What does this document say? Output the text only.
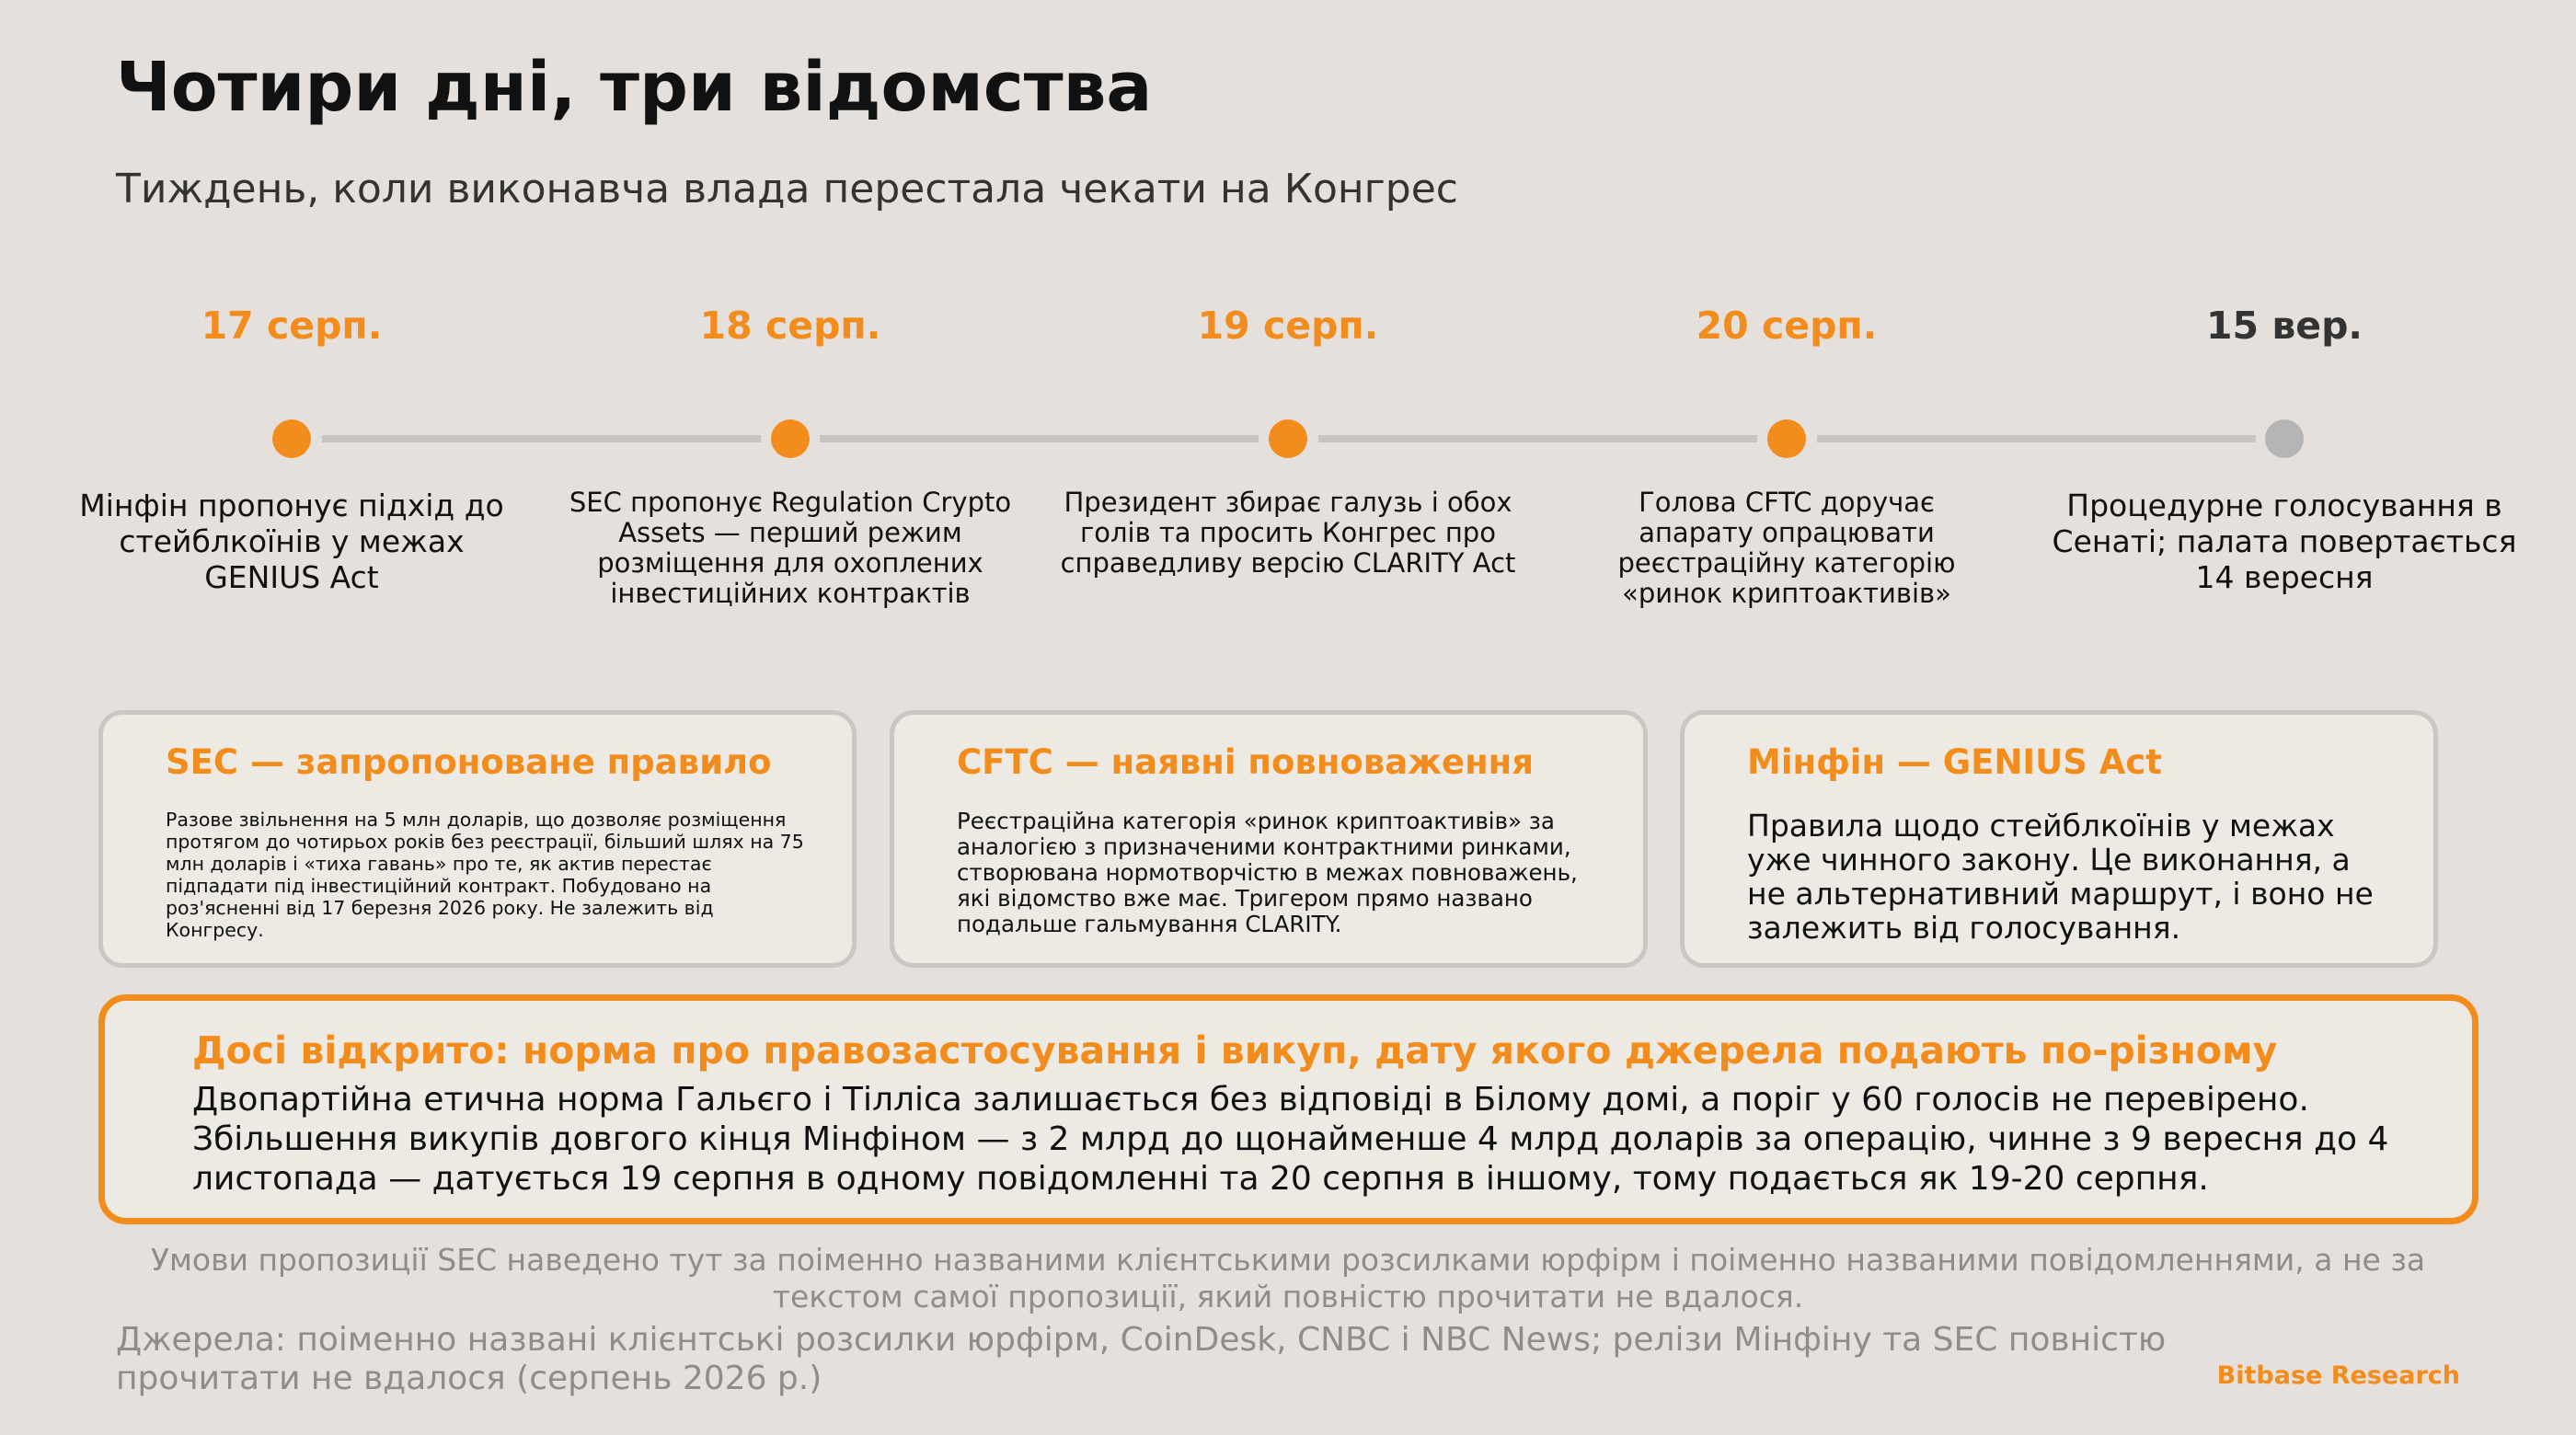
Чотири дні, три відомства
Тиждень, коли виконавча влада перестала чекати на Конгрес
17 серп.
Мінфін пропонує підхід до стейблкоїнів у межах GENIUS Act
18 серп.
SEC пропонує Regulation Crypto Assets — перший режим розміщення для охоплених інвестиційних контрактів
19 серп.
Президент збирає галузь і обох голів та просить Конгрес про справедливу версію CLARITY Act
20 серп.
Голова CFTC доручає апарату опрацювати реєстраційну категорію «ринок криптоактивів»
15 вер.
Процедурне голосування в Сенаті; палата повертається 14 вересня
SEC — запропоноване правило
Разове звільнення на 5 млн доларів, що дозволяє розміщення протягом до чотирьох років без реєстрації, більший шлях на 75 млн доларів і «тиха гавань» про те, як актив перестає підпадати під інвестиційний контракт. Побудовано на роз'ясненні від 17 березня 2026 року. Не залежить від Конгресу.
CFTC — наявні повноваження
Реєстраційна категорія «ринок криптоактивів» за аналогією з призначеними контрактними ринками, створювана нормотворчістю в межах повноважень, які відомство вже має. Тригером прямо названо подальше гальмування CLARITY.
Мінфін — GENIUS Act
Правила щодо стейблкоїнів у межах уже чинного закону. Це виконання, а не альтернативний маршрут, і воно не залежить від голосування.
Досі відкрито: норма про правозастосування і викуп, дату якого джерела подають по-різному
Двопартійна етична норма Гальєго і Тілліса залишається без відповіді в Білому домі, а поріг у 60 голосів не перевірено. Збільшення викупів довгого кінця Мінфіном — з 2 млрд до щонайменше 4 млрд доларів за операцію, чинне з 9 вересня до 4 листопада — датується 19 серпня в одному повідомленні та 20 серпня в іншому, тому подається як 19-20 серпня.
Умови пропозиції SEC наведено тут за поіменно названими клієнтськими розсилками юрфірм і поіменно названими повідомленнями, а не за текстом самої пропозиції, який повністю прочитати не вдалося.
Джерела: поіменно названі клієнтські розсилки юрфірм, CoinDesk, CNBC і NBC News; релізи Мінфіну та SEC повністю прочитати не вдалося (серпень 2026 р.)	Bitbase Research
